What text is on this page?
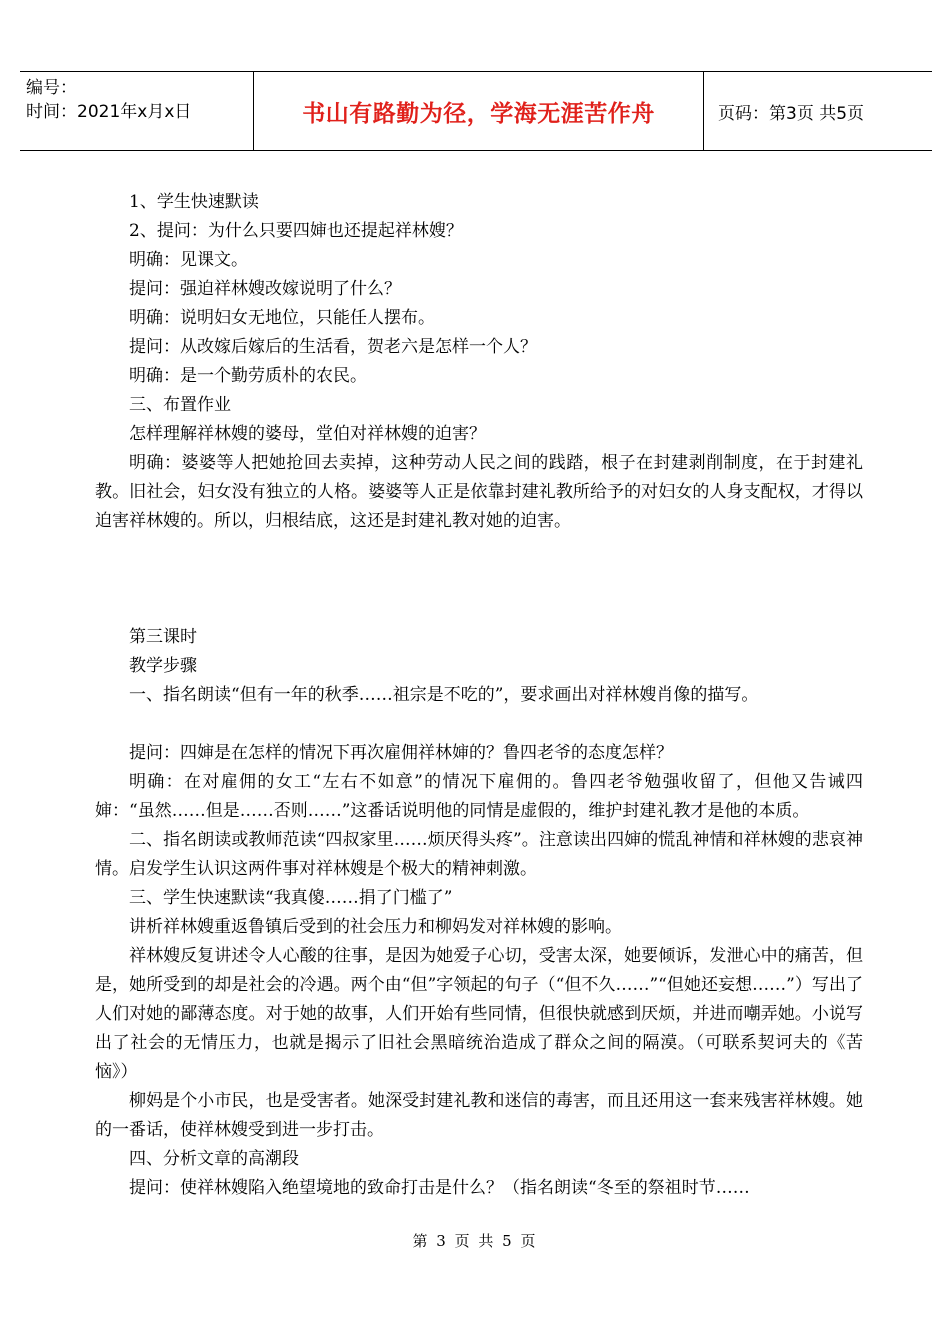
编号：
时间：2021年x月x日	书山有路勤为径，学海无涯苦作舟	页码：第3页 共5页

1、学生快速默读

2、提问：为什么只要四婶也还提起祥林嫂？

明确：见课文。

提问：强迫祥林嫂改嫁说明了什么？

明确：说明妇女无地位，只能任人摆布。

提问：从改嫁后嫁后的生活看，贺老六是怎样一个人？

明确：是一个勤劳质朴的农民。

三、布置作业

怎样理解祥林嫂的婆母，堂伯对祥林嫂的迫害？

明确：婆婆等人把她抢回去卖掉，这种劳动人民之间的践踏，根子在封建剥削制度，在于封建礼教。旧社会，妇女没有独立的人格。婆婆等人正是依靠封建礼教所给予的对妇女的人身支配权，才得以迫害祥林嫂的。所以，归根结底，这还是封建礼教对她的迫害。

第三课时

教学步骤

一、指名朗读“但有一年的秋季……祖宗是不吃的”，要求画出对祥林嫂肖像的描写。

提问：四婶是在怎样的情况下再次雇佣祥林婶的？鲁四老爷的态度怎样？

明确：在对雇佣的女工“左右不如意”的情况下雇佣的。鲁四老爷勉强收留了，但他又告诫四婶：“虽然……但是……否则……”这番话说明他的同情是虚假的，维护封建礼教才是他的本质。

二、指名朗读或教师范读“四叔家里……烦厌得头疼”。注意读出四婶的慌乱神情和祥林嫂的悲哀神情。启发学生认识这两件事对祥林嫂是个极大的精神刺激。

三、学生快速默读“我真傻……捐了门槛了”

讲析祥林嫂重返鲁镇后受到的社会压力和柳妈发对祥林嫂的影响。

祥林嫂反复讲述令人心酸的往事，是因为她爱子心切，受害太深，她要倾诉，发泄心中的痛苦，但是，她所受到的却是社会的冷遇。两个由“但”字领起的句子（“但不久……”“但她还妄想……”）写出了人们对她的鄙薄态度。对于她的故事，人们开始有些同情，但很快就感到厌烦，并进而嘲弄她。小说写出了社会的无情压力，也就是揭示了旧社会黑暗统治造成了群众之间的隔漠。（可联系契诃夫的《苦恼》）

柳妈是个小市民，也是受害者。她深受封建礼教和迷信的毒害，而且还用这一套来残害祥林嫂。她的一番话，使祥林嫂受到进一步打击。

四、分析文章的高潮段

提问：使祥林嫂陷入绝望境地的致命打击是什么？（指名朗读“冬至的祭祖时节……

第 3 页 共 5 页
